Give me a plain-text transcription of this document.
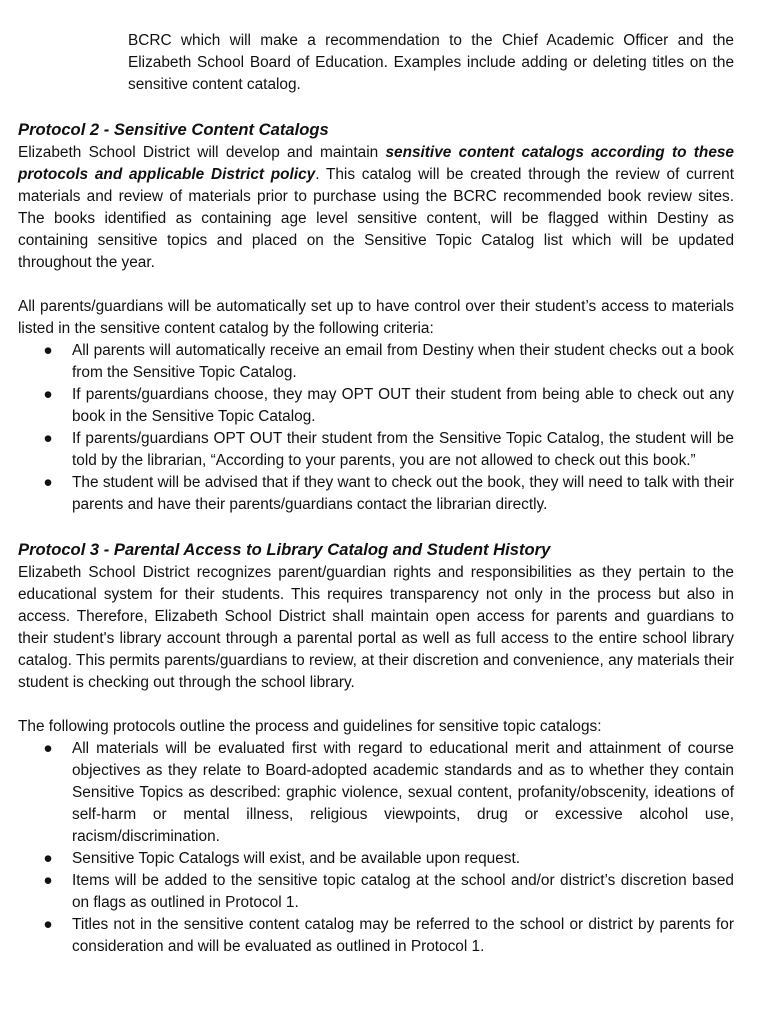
BCRC which will make a recommendation to the Chief Academic Officer and the Elizabeth School Board of Education. Examples include adding or deleting titles on the sensitive content catalog.

Protocol 2 - Sensitive Content Catalogs

Elizabeth School District will develop and maintain sensitive content catalogs according to these protocols and applicable District policy. This catalog will be created through the review of current materials and review of materials prior to purchase using the BCRC recommended book review sites. The books identified as containing age level sensitive content, will be flagged within Destiny as containing sensitive topics and placed on the Sensitive Topic Catalog list which will be updated throughout the year.

All parents/guardians will be automatically set up to have control over their student’s access to materials listed in the sensitive content catalog by the following criteria:

● All parents will automatically receive an email from Destiny when their student checks out a book from the Sensitive Topic Catalog.
● If parents/guardians choose, they may OPT OUT their student from being able to check out any book in the Sensitive Topic Catalog.
● If parents/guardians OPT OUT their student from the Sensitive Topic Catalog, the student will be told by the librarian, “According to your parents, you are not allowed to check out this book.”
● The student will be advised that if they want to check out the book, they will need to talk with their parents and have their parents/guardians contact the librarian directly.
Protocol 3 - Parental Access to Library Catalog and Student History

Elizabeth School District recognizes parent/guardian rights and responsibilities as they pertain to the educational system for their students. This requires transparency not only in the process but also in access. Therefore, Elizabeth School District shall maintain open access for parents and guardians to their student's library account through a parental portal as well as full access to the entire school library catalog. This permits parents/guardians to review, at their discretion and convenience, any materials their student is checking out through the school library.

The following protocols outline the process and guidelines for sensitive topic catalogs:

● All materials will be evaluated first with regard to educational merit and attainment of course objectives as they relate to Board-adopted academic standards and as to whether they contain Sensitive Topics as described: graphic violence, sexual content, profanity/obscenity, ideations of self-harm or mental illness, religious viewpoints, drug or excessive alcohol use, racism/discrimination.
● Sensitive Topic Catalogs will exist, and be available upon request.
● Items will be added to the sensitive topic catalog at the school and/or district’s discretion based on flags as outlined in Protocol 1.
● Titles not in the sensitive content catalog may be referred to the school or district by parents for consideration and will be evaluated as outlined in Protocol 1.
